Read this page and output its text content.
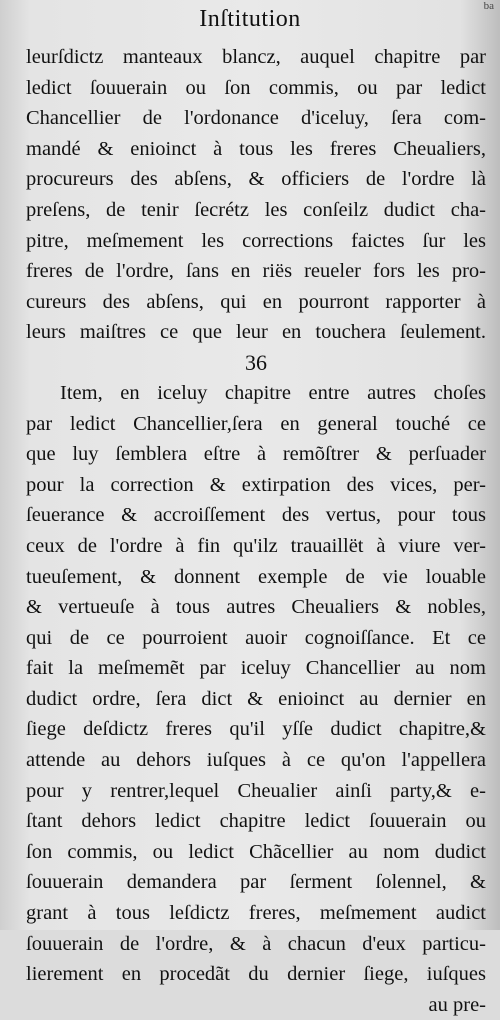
ba
Inſtitution
leurſdictz manteaux blancz, auquel chapitre par
ledict ſouuerain ou ſon commis, ou par ledict
Chancellier de l'ordonance d'iceluy, ſera com-
mandé & enioinct à tous les freres Cheualiers,
procureurs des abſens, & officiers de l'ordre là
preſens, de tenir ſecrétz les conſeilz dudict cha-
pitre, meſmement les corrections faictes ſur les
freres de l'ordre, ſans en riës reueler fors les pro-
cureurs des abſens, qui en pourront rapporter à
leurs maiſtres ce que leur en touchera ſeulement.
36
Item, en iceluy chapitre entre autres choſes
par ledict Chancellier,ſera en general touché ce
que luy ſemblera eſtre à remõſtrer & perſuader
pour la correction & extirpation des vices, per-
ſeuerance & accroiſſement des vertus, pour tous
ceux de l'ordre à fin qu'ilz trauaillët à viure ver-
tueuſement, & donnent exemple de vie louable
& vertueuſe à tous autres Cheualiers & nobles,
qui de ce pourroient auoir cognoiſſance. Et ce
fait la meſmemẽt par iceluy Chancellier au nom
dudict ordre, ſera dict & enioinct au dernier en
ſiege deſdictz freres qu'il yſſe dudict chapitre,&
attende au dehors iuſques à ce qu'on l'appellera
pour y rentrer,lequel Cheualier ainſi party,& e-
ſtant dehors ledict chapitre ledict ſouuerain ou
ſon commis, ou ledict Chãcellier au nom dudict
ſouuerain demandera par ſerment ſolennel, &
grant à tous leſdictz freres, meſmement audict
ſouuerain de l'ordre, & à chacun d'eux particu-
lierement en procedãt du dernier ſiege, iuſques
au pre-
